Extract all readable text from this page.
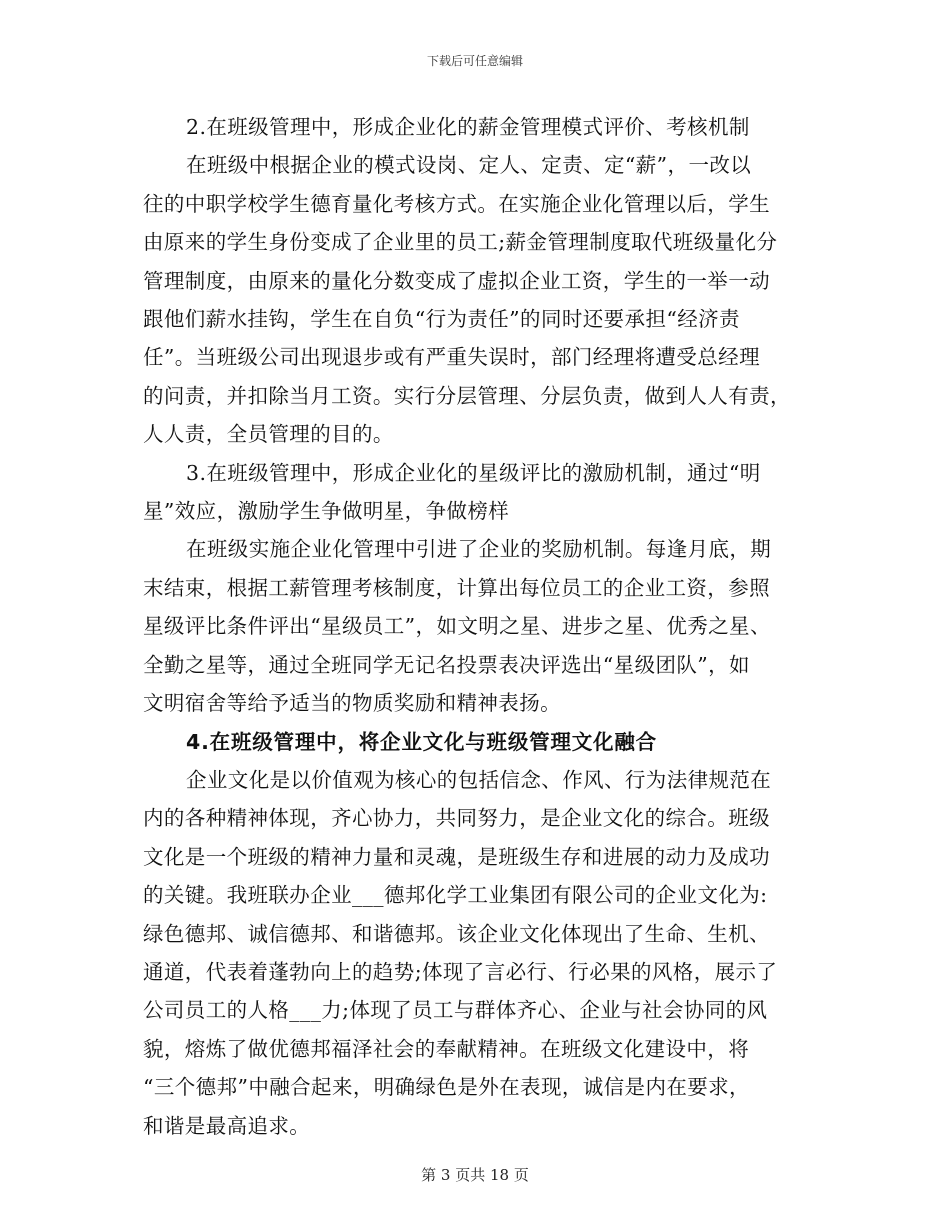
下载后可任意编辑
2.在班级管理中，形成企业化的薪金管理模式评价、考核机制
在班级中根据企业的模式设岗、定人、定责、定“薪”，一改以
往的中职学校学生德育量化考核方式。在实施企业化管理以后，学生
由原来的学生身份变成了企业里的员工;薪金管理制度取代班级量化分
管理制度，由原来的量化分数变成了虚拟企业工资，学生的一举一动
跟他们薪水挂钩，学生在自负“行为责任”的同时还要承担“经济责
任”。当班级公司出现退步或有严重失误时，部门经理将遭受总经理
的问责，并扣除当月工资。实行分层管理、分层负责，做到人人有责，
人人责，全员管理的目的。
3.在班级管理中，形成企业化的星级评比的激励机制，通过“明
星”效应，激励学生争做明星，争做榜样
在班级实施企业化管理中引进了企业的奖励机制。每逢月底，期
末结束，根据工薪管理考核制度，计算出每位员工的企业工资，参照
星级评比条件评出“星级员工”，如文明之星、进步之星、优秀之星、
全勤之星等，通过全班同学无记名投票表决评选出“星级团队”，如
文明宿舍等给予适当的物质奖励和精神表扬。
4.在班级管理中，将企业文化与班级管理文化融合
企业文化是以价值观为核心的包括信念、作风、行为法律规范在
内的各种精神体现，齐心协力，共同努力，是企业文化的综合。班级
文化是一个班级的精神力量和灵魂，是班级生存和进展的动力及成功
的关键。我班联办企业___德邦化学工业集团有限公司的企业文化为:
绿色德邦、诚信德邦、和谐德邦。该企业文化体现出了生命、生机、
通道，代表着蓬勃向上的趋势;体现了言必行、行必果的风格，展示了
公司员工的人格___力;体现了员工与群体齐心、企业与社会协同的风
貌，熔炼了做优德邦福泽社会的奉献精神。在班级文化建设中，将
“三个德邦”中融合起来，明确绿色是外在表现，诚信是内在要求，
和谐是最高追求。
第 3 页共 18 页
